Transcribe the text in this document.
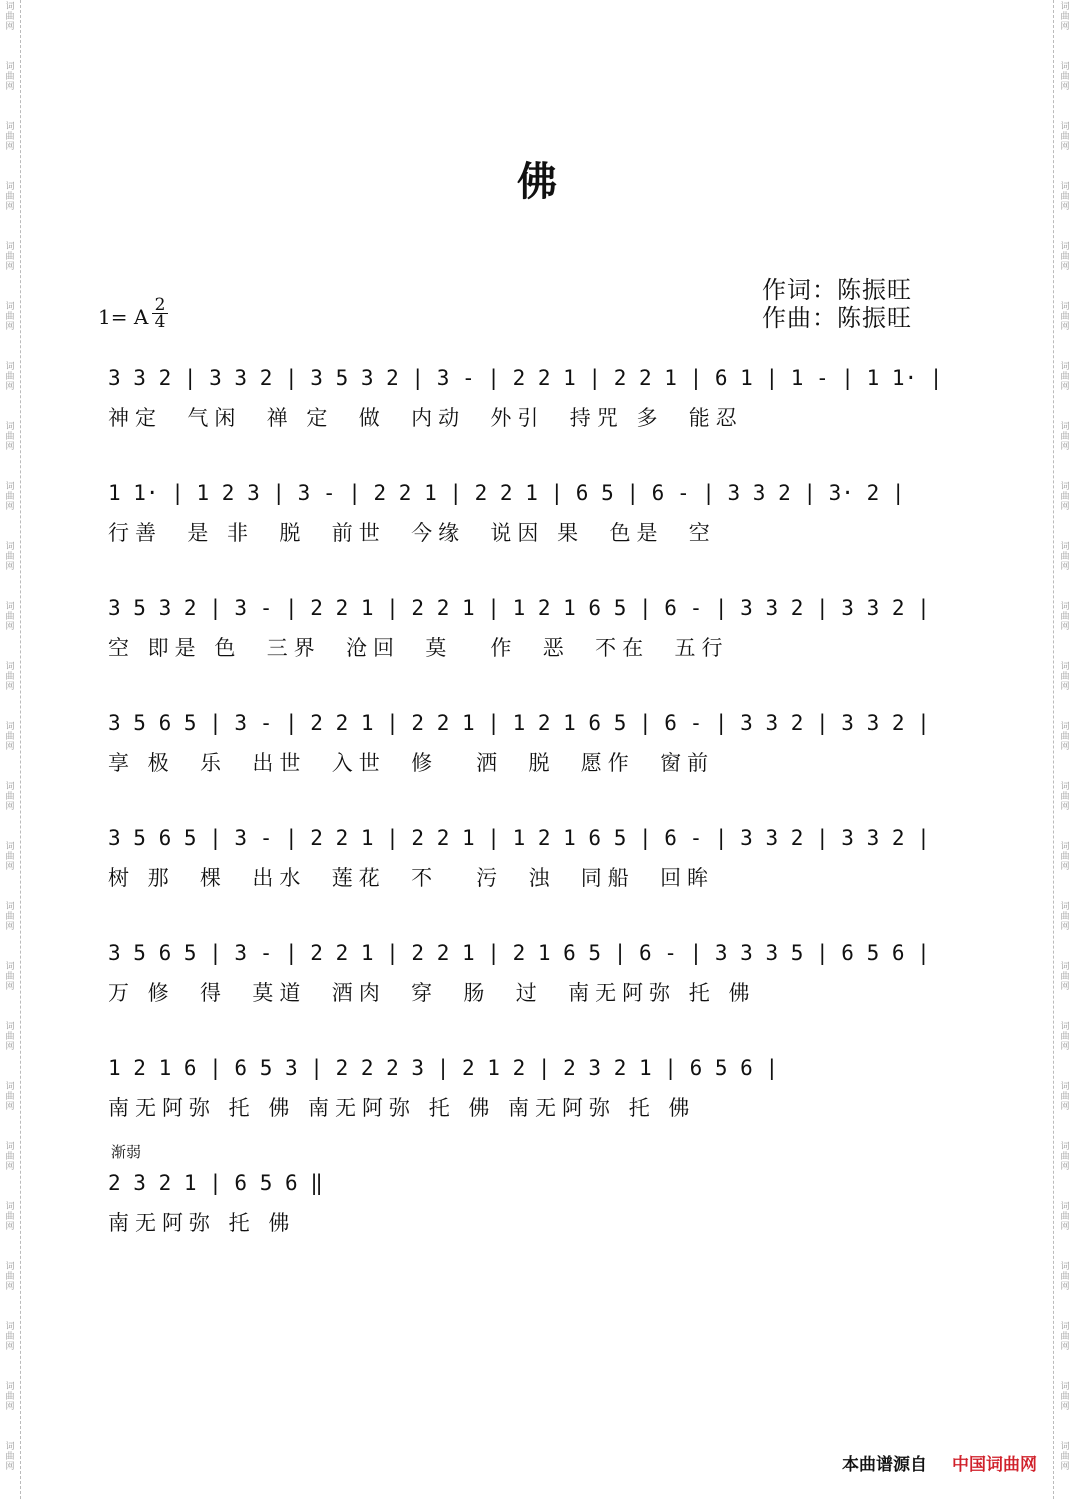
词
曲
网
词
曲
网
词
曲
网
词
曲
网
词
曲
网
词
曲
网
词
曲
网
词
曲
网
词
曲
网
词
曲
网
词
曲
网
词
曲
网
词
曲
网
词
曲
网
词
曲
网
词
曲
网
词
曲
网
词
曲
网
词
曲
网
词
曲
网
词
曲
网
词
曲
网
词
曲
网
词
曲
网
词
曲
网
词
曲
网
词
曲
网
词
曲
网
词
曲
网
词
曲
网
词
曲
网
词
曲
网
词
曲
网
词
曲
网
词
曲
网
词
曲
网
词
曲
网
词
曲
网
词
曲
网
词
曲
网
词
曲
网
词
曲
网
词
曲
网
词
曲
网
词
曲
网
词
曲
网
词
曲
网
词
曲
网
词
曲
网
词
曲
网
佛
作词：陈振旺
作曲：陈振旺
1= A 2
4
3 3 2 | 3 3 2 | 3 5 3 2 | 3 - | 2 2 1 | 2 2 1 | 6 1 | 1 - | 1 1· |
神定  气闲  禅 定  做  内动  外引  持咒 多  能忍
1 1· | 1 2 3 | 3 - | 2 2 1 | 2 2 1 | 6 5 | 6 - | 3 3 2 | 3· 2 |
行善  是 非  脱  前世  今缘  说因 果  色是  空
3 5 3 2 | 3 - | 2 2 1 | 2 2 1 | 1 2 1 6 5 | 6 - | 3 3 2 | 3 3 2 |
空 即是 色  三界  沧回  莫   作  恶  不在  五行
3 5 6 5 | 3 - | 2 2 1 | 2 2 1 | 1 2 1 6 5 | 6 - | 3 3 2 | 3 3 2 |
享 极  乐  出世  入世  修   洒  脱  愿作  窗前
3 5 6 5 | 3 - | 2 2 1 | 2 2 1 | 1 2 1 6 5 | 6 - | 3 3 2 | 3 3 2 |
树 那  棵  出水  莲花  不   污  浊  同船  回眸
3 5 6 5 | 3 - | 2 2 1 | 2 2 1 | 2 1 6 5 | 6 - | 3 3 3 5 | 6 5 6 |
万 修  得  莫道  酒肉  穿  肠  过  南无阿弥 托 佛
1 2 1 6 | 6 5 3 | 2 2 2 3 | 2 1 2 | 2 3 2 1 | 6 5 6 |
南无阿弥 托 佛 南无阿弥 托 佛 南无阿弥 托 佛
渐弱
2 3 2 1 | 6 5 6 ‖
南无阿弥 托 佛
本曲谱源自 中国词曲网
